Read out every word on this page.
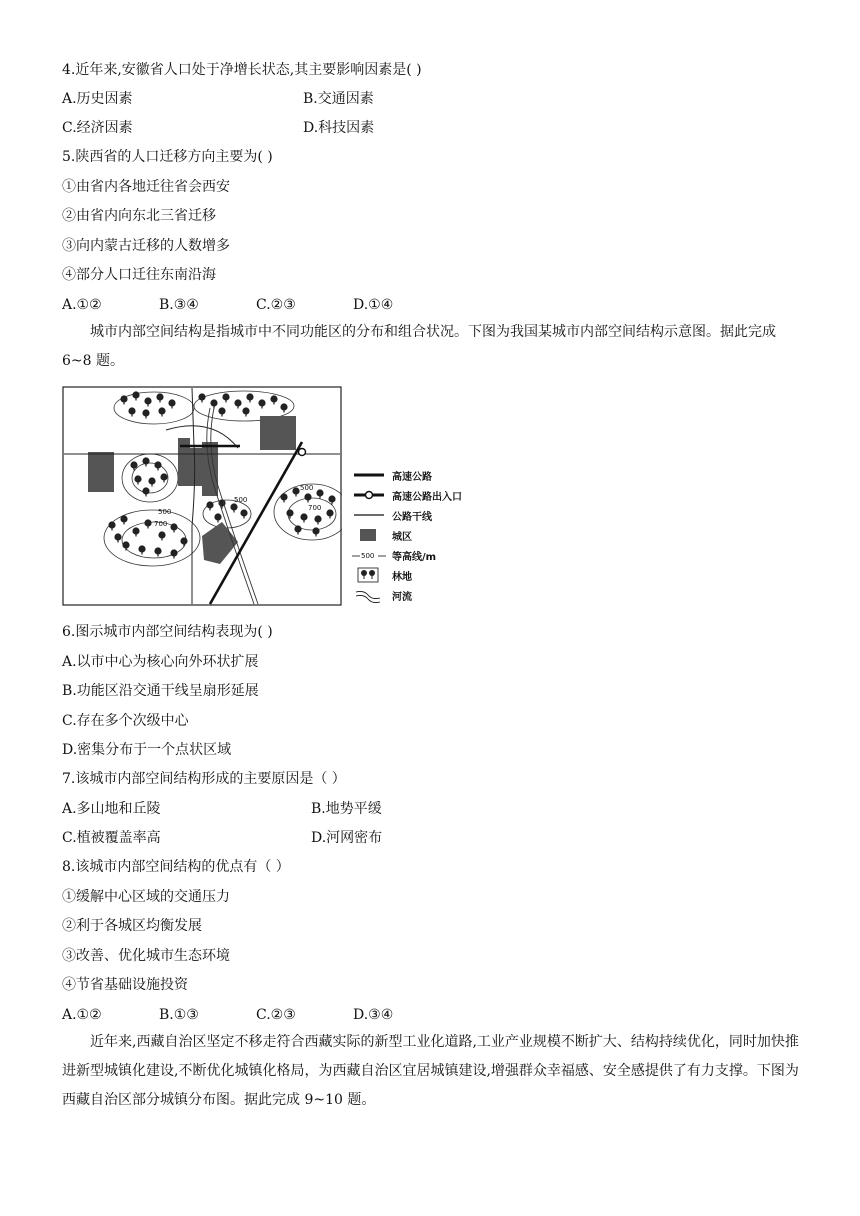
4.近年来,安徽省人口处于净增长状态,其主要影响因素是( )
A.历史因素	B.交通因素
C.经济因素	D.科技因素
5.陕西省的人口迁移方向主要为( )
①由省内各地迁往省会西安
②由省内向东北三省迁移
③向内蒙古迁移的人数增多
④部分人口迁往东南沿海
A.①②	B.③④	C.②③	D.①④
城市内部空间结构是指城市中不同功能区的分布和组合状况。下图为我国某城市内部空间结构示意图。据此完成 6~8 题。
500
700
500
700
500
高速公路
高速公路出入口
公路干线
城区
500 等高线/m
林地
河流
6.图示城市内部空间结构表现为( )
A.以市中心为核心向外环状扩展
B.功能区沿交通干线呈扇形延展
C.存在多个次级中心
D.密集分布于一个点状区域
7.该城市内部空间结构形成的主要原因是（ ）
A.多山地和丘陵	B.地势平缓
C.植被覆盖率高	D.河网密布
8.该城市内部空间结构的优点有（ ）
①缓解中心区域的交通压力
②利于各城区均衡发展
③改善、优化城市生态环境
④节省基础设施投资
A.①②	B.①③	C.②③	D.③④
近年来,西藏自治区坚定不移走符合西藏实际的新型工业化道路,工业产业规模不断扩大、结构持续优化，同时加快推进新型城镇化建设,不断优化城镇化格局，为西藏自治区宜居城镇建设,增强群众幸福感、安全感提供了有力支撑。下图为西藏自治区部分城镇分布图。据此完成 9~10 题。
